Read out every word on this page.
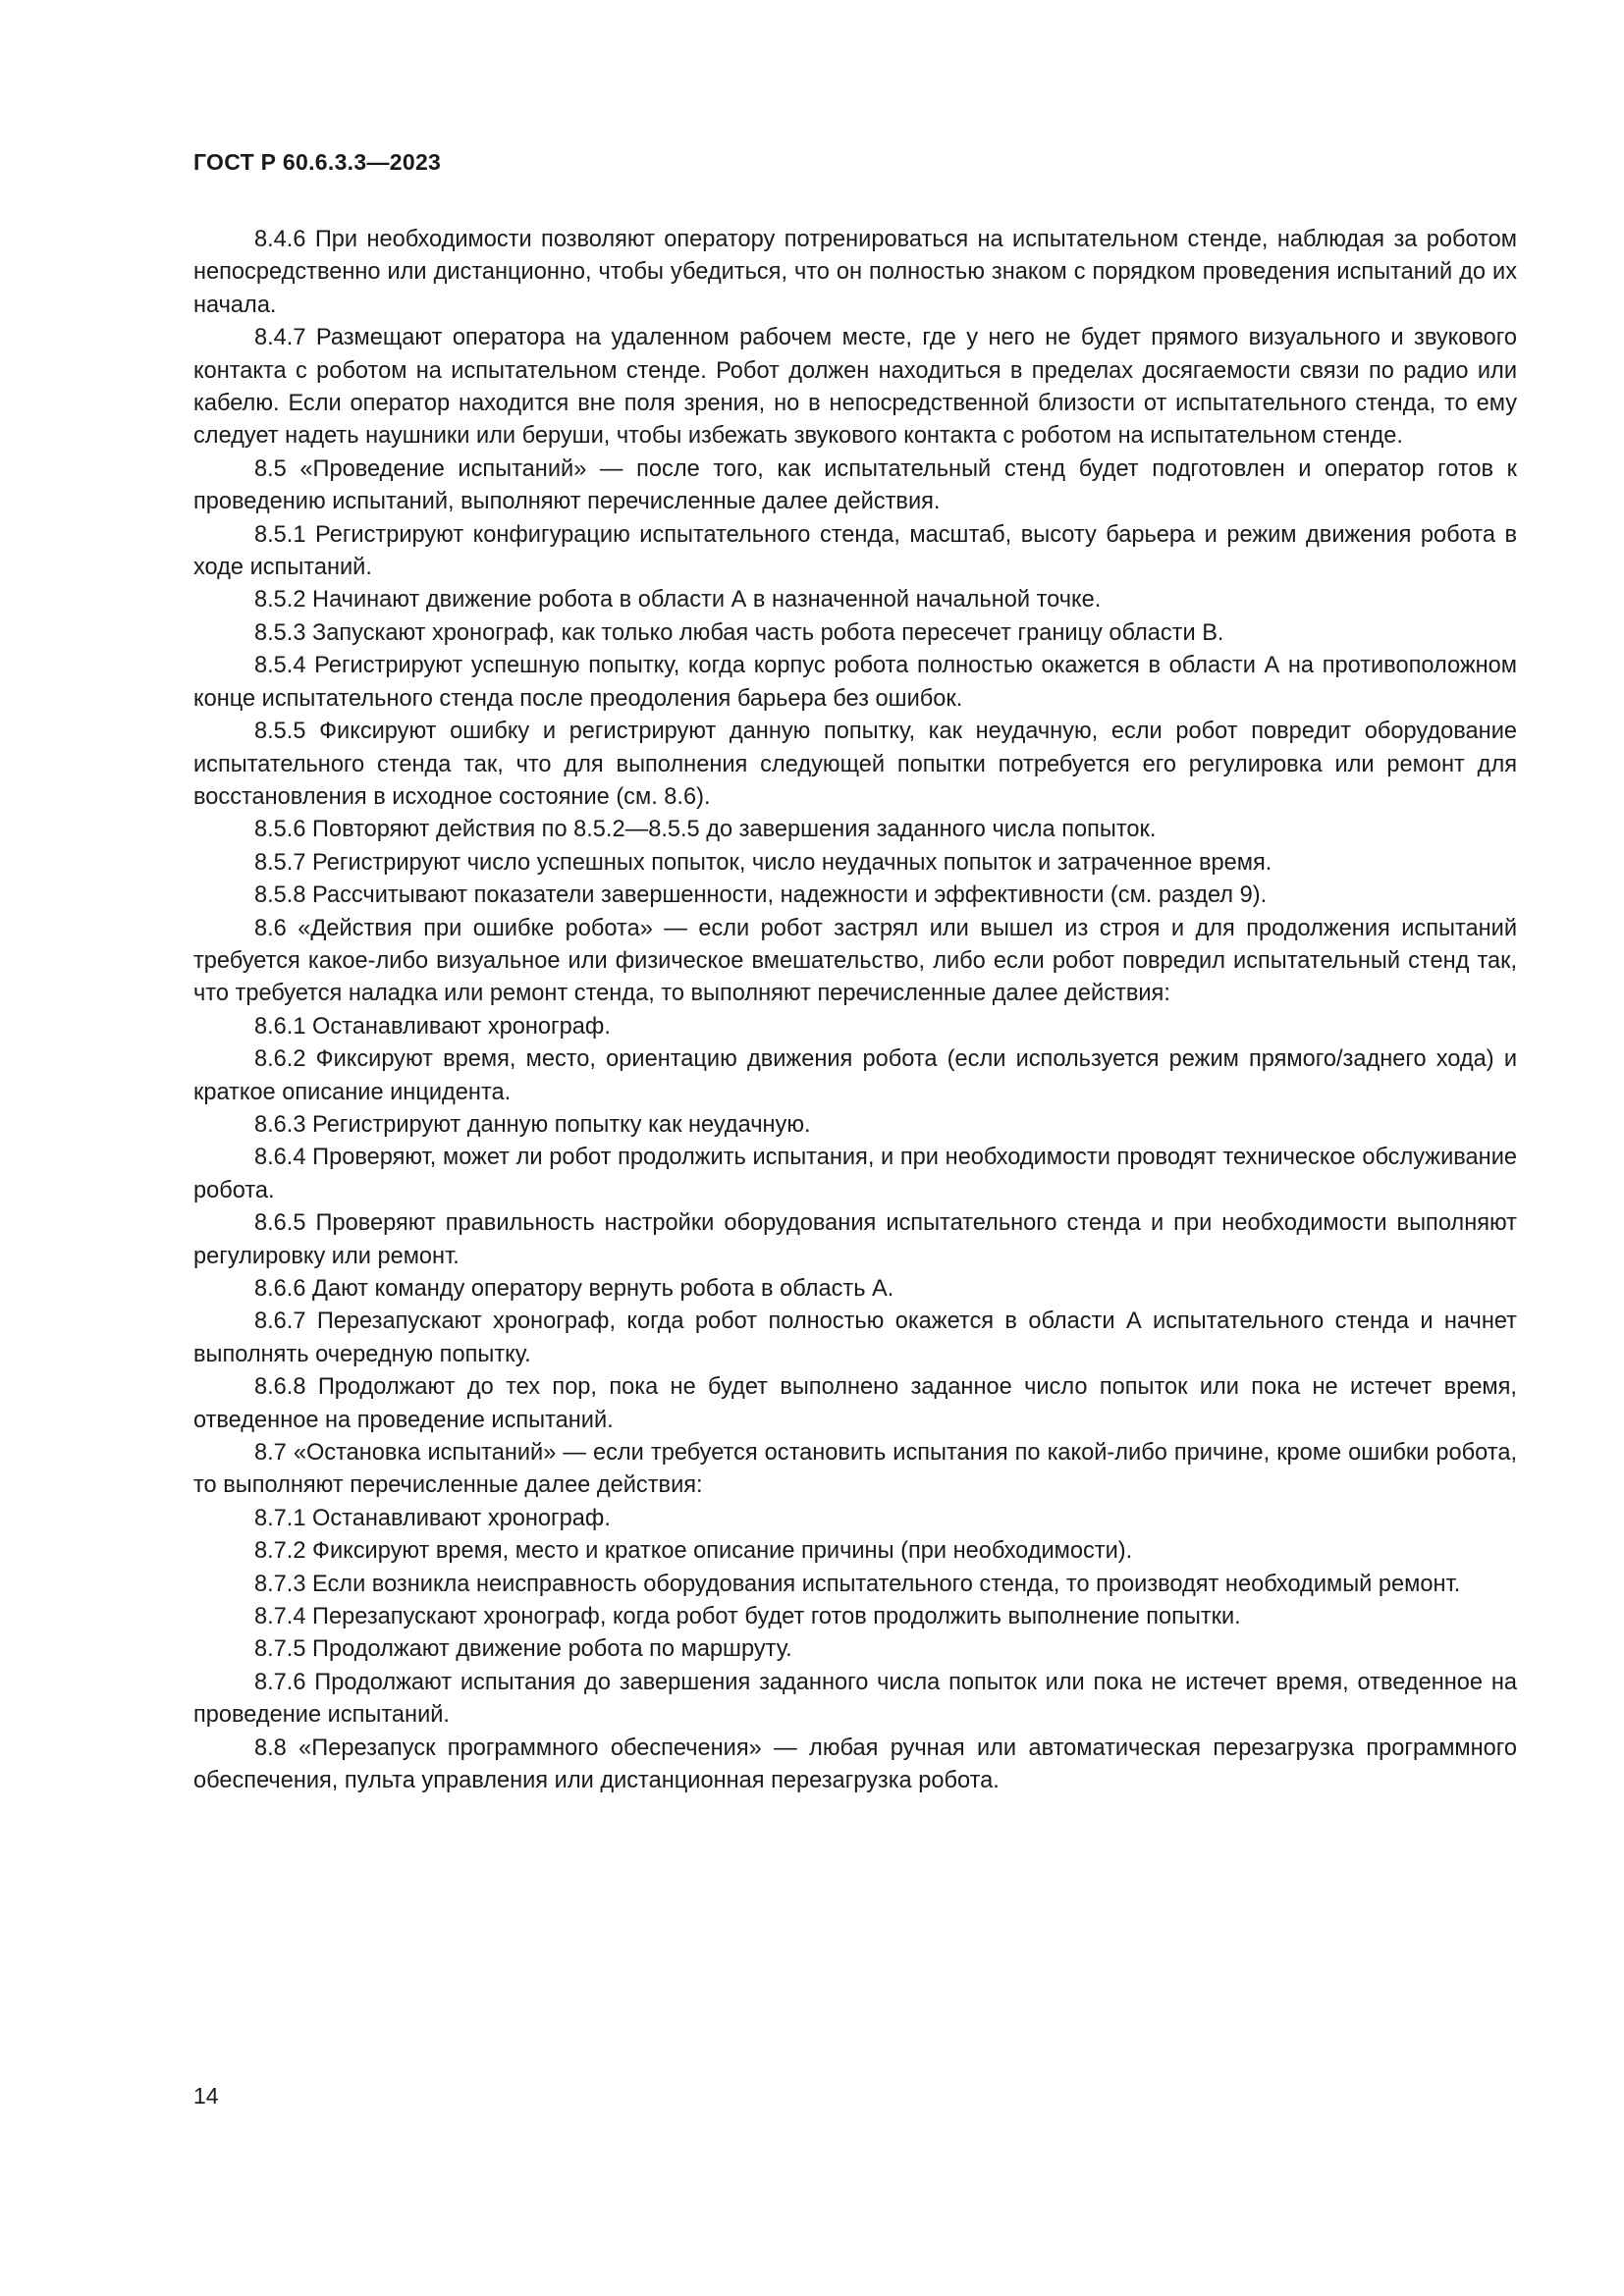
ГОСТ Р 60.6.3.3—2023

8.4.6 При необходимости позволяют оператору потренироваться на испытательном стенде, наблюдая за роботом непосредственно или дистанционно, чтобы убедиться, что он полностью знаком с порядком проведения испытаний до их начала.

8.4.7 Размещают оператора на удаленном рабочем месте, где у него не будет прямого визуального и звукового контакта с роботом на испытательном стенде. Робот должен находиться в пределах досягаемости связи по радио или кабелю. Если оператор находится вне поля зрения, но в непосредственной близости от испытательного стенда, то ему следует надеть наушники или беруши, чтобы избежать звукового контакта с роботом на испытательном стенде.

8.5 «Проведение испытаний» — после того, как испытательный стенд будет подготовлен и оператор готов к проведению испытаний, выполняют перечисленные далее действия.

8.5.1 Регистрируют конфигурацию испытательного стенда, масштаб, высоту барьера и режим движения робота в ходе испытаний.

8.5.2 Начинают движение робота в области А в назначенной начальной точке.

8.5.3 Запускают хронограф, как только любая часть робота пересечет границу области В.

8.5.4 Регистрируют успешную попытку, когда корпус робота полностью окажется в области А на противоположном конце испытательного стенда после преодоления барьера без ошибок.

8.5.5 Фиксируют ошибку и регистрируют данную попытку, как неудачную, если робот повредит оборудование испытательного стенда так, что для выполнения следующей попытки потребуется его регулировка или ремонт для восстановления в исходное состояние (см. 8.6).

8.5.6 Повторяют действия по 8.5.2—8.5.5 до завершения заданного числа попыток.

8.5.7 Регистрируют число успешных попыток, число неудачных попыток и затраченное время.

8.5.8 Рассчитывают показатели завершенности, надежности и эффективности (см. раздел 9).

8.6 «Действия при ошибке робота» — если робот застрял или вышел из строя и для продолжения испытаний требуется какое-либо визуальное или физическое вмешательство, либо если робот повредил испытательный стенд так, что требуется наладка или ремонт стенда, то выполняют перечисленные далее действия:

8.6.1 Останавливают хронограф.

8.6.2 Фиксируют время, место, ориентацию движения робота (если используется режим прямого/заднего хода) и краткое описание инцидента.

8.6.3 Регистрируют данную попытку как неудачную.

8.6.4 Проверяют, может ли робот продолжить испытания, и при необходимости проводят техническое обслуживание робота.

8.6.5 Проверяют правильность настройки оборудования испытательного стенда и при необходимости выполняют регулировку или ремонт.

8.6.6 Дают команду оператору вернуть робота в область А.

8.6.7 Перезапускают хронограф, когда робот полностью окажется в области А испытательного стенда и начнет выполнять очередную попытку.

8.6.8 Продолжают до тех пор, пока не будет выполнено заданное число попыток или пока не истечет время, отведенное на проведение испытаний.

8.7 «Остановка испытаний» — если требуется остановить испытания по какой-либо причине, кроме ошибки робота, то выполняют перечисленные далее действия:

8.7.1 Останавливают хронограф.

8.7.2 Фиксируют время, место и краткое описание причины (при необходимости).

8.7.3 Если возникла неисправность оборудования испытательного стенда, то производят необходимый ремонт.

8.7.4 Перезапускают хронограф, когда робот будет готов продолжить выполнение попытки.

8.7.5 Продолжают движение робота по маршруту.

8.7.6 Продолжают испытания до завершения заданного числа попыток или пока не истечет время, отведенное на проведение испытаний.

8.8 «Перезапуск программного обеспечения» — любая ручная или автоматическая перезагрузка программного обеспечения, пульта управления или дистанционная перезагрузка робота.

14
